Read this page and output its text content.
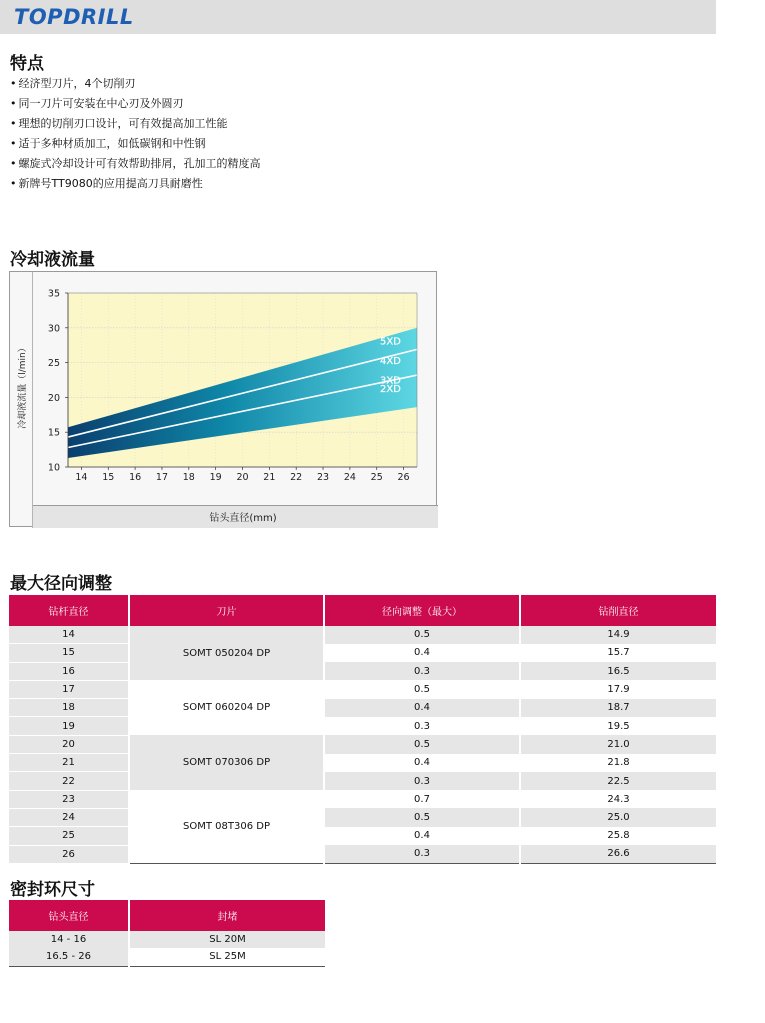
TOPDRILL
特点
• 经济型刀片，4个切削刃
• 同一刀片可安装在中心刃及外圆刃
• 理想的切削刃口设计，可有效提高加工性能
• 适于多种材质加工，如低碳钢和中性钢
• 螺旋式冷却设计可有效帮助排屑，孔加工的精度高
• 新牌号TT9080的应用提高刀具耐磨性
冷却液流量
5XD
4XD
3XD
2XD
10
15
20
25
30
35
14 15 16 17 18 19 20 21 22 23 24 25 26
冷却液流量（l/min）
钻头直径(mm)
最大径向调整
钻杆直径	刀片	径向调整（最大）	钻削直径
14	SOMT 050204 DP	0.5	14.9
15		0.4	15.7
16		0.3	16.5
17	SOMT 060204 DP	0.5	17.9
18		0.4	18.7
19		0.3	19.5
20	SOMT 070306 DP	0.5	21.0
21		0.4	21.8
22		0.3	22.5
23	SOMT 08T306 DP	0.7	24.3
24		0.5	25.0
25		0.4	25.8
26		0.3	26.6
密封环尺寸
钻头直径	封堵
14 - 16	SL 20M
16.5 - 26	SL 25M
